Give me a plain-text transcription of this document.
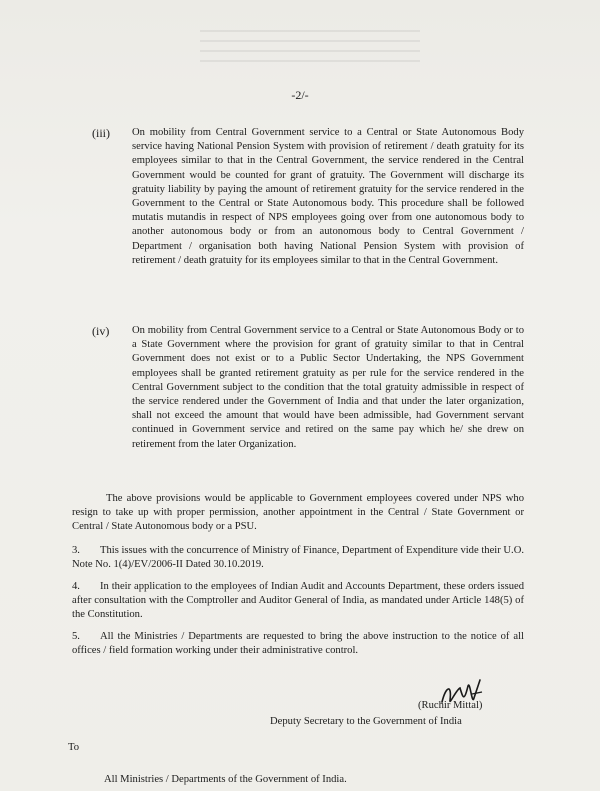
-2/-
(iii)	On mobility from Central Government service to a Central or State Autonomous Body service having National Pension System with provision of retirement / death gratuity for its employees similar to that in the Central Government, the service rendered in the Central Government would be counted for grant of gratuity. The Government will discharge its gratuity liability by paying the amount of retirement gratuity for the service rendered in the Government to the Central or State Autonomous body. This procedure shall be followed mutatis mutandis in respect of NPS employees going over from one autonomous body to another autonomous body or from an autonomous body to Central Government / Department / organisation both having National Pension System with provision of retirement / death gratuity for its employees similar to that in the Central Government.
(iv)	On mobility from Central Government service to a Central or State Autonomous Body or to a State Government where the provision for grant of gratuity similar to that in Central Government does not exist or to a Public Sector Undertaking, the NPS Government employees shall be granted retirement gratuity as per rule for the service rendered in the Central Government subject to the condition that the total gratuity admissible in respect of the service rendered under the Government of India and that under the later organization, shall not exceed the amount that would have been admissible, had Government servant continued in Government service and retired on the same pay which he/ she drew on retirement from the later Organization.
The above provisions would be applicable to Government employees covered under NPS who resign to take up with proper permission, another appointment in the Central / State Government or Central / State Autonomous body or a PSU.
3. This issues with the concurrence of Ministry of Finance, Department of Expenditure vide their U.O. Note No. 1(4)/EV/2006-II Dated 30.10.2019.
4. In their application to the employees of Indian Audit and Accounts Department, these orders issued after consultation with the Comptroller and Auditor General of India, as mandated under Article 148(5) of the Constitution.
5. All the Ministries / Departments are requested to bring the above instruction to the notice of all offices / field formation working under their administrative control.
(Ruchir Mittal)
Deputy Secretary to the Government of India
To
All Ministries / Departments of the Government of India.
